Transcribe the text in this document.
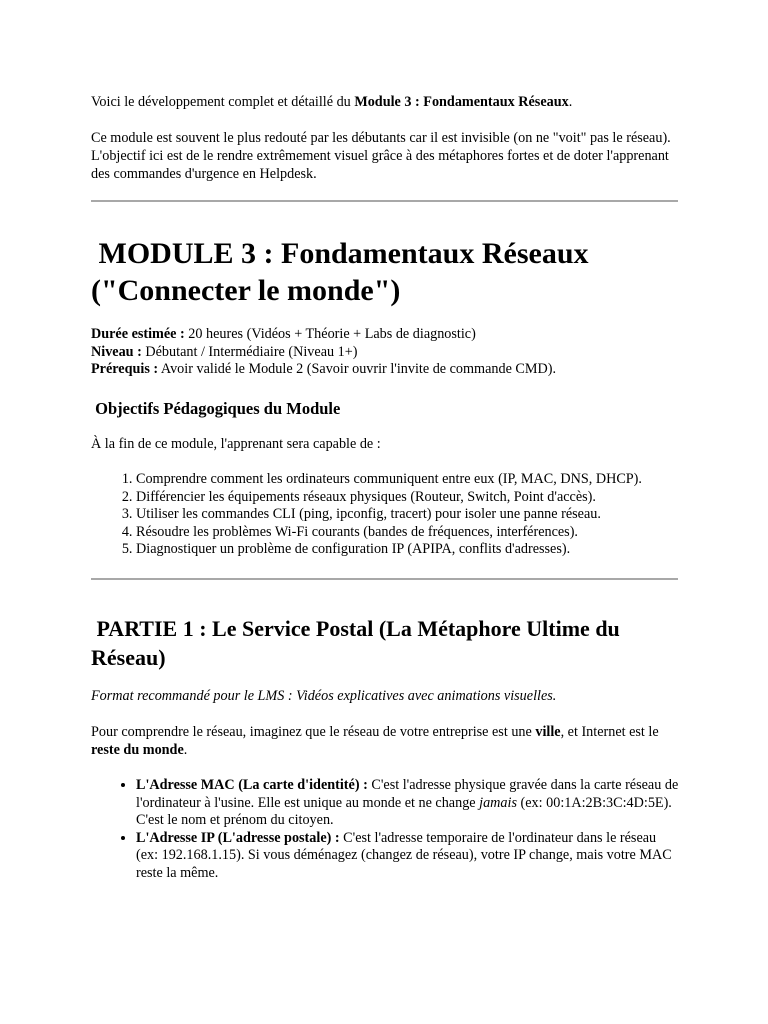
Voici le développement complet et détaillé du Module 3 : Fondamentaux Réseaux.

Ce module est souvent le plus redouté par les débutants car il est invisible (on ne "voit" pas le réseau). L'objectif ici est de le rendre extrêmement visuel grâce à des métaphores fortes et de doter l'apprenant des commandes d'urgence en Helpdesk.

MODULE 3 : Fondamentaux Réseaux ("Connecter le monde")

Durée estimée : 20 heures (Vidéos + Théorie + Labs de diagnostic)

Niveau : Débutant / Intermédiaire (Niveau 1+)

Prérequis : Avoir validé le Module 2 (Savoir ouvrir l'invite de commande CMD).

Objectifs Pédagogiques du Module

À la fin de ce module, l'apprenant sera capable de :

1. Comprendre comment les ordinateurs communiquent entre eux (IP, MAC, DNS, DHCP).
2. Différencier les équipements réseaux physiques (Routeur, Switch, Point d'accès).
3. Utiliser les commandes CLI (ping, ipconfig, tracert) pour isoler une panne réseau.
4. Résoudre les problèmes Wi-Fi courants (bandes de fréquences, interférences).
5. Diagnostiquer un problème de configuration IP (APIPA, conflits d'adresses).
PARTIE 1 : Le Service Postal (La Métaphore Ultime du Réseau)

Format recommandé pour le LMS : Vidéos explicatives avec animations visuelles.

Pour comprendre le réseau, imaginez que le réseau de votre entreprise est une ville, et Internet est le reste du monde.

• L'Adresse MAC (La carte d'identité) : C'est l'adresse physique gravée dans la carte réseau de l'ordinateur à l'usine. Elle est unique au monde et ne change jamais (ex: 00:1A:2B:3C:4D:5E). C'est le nom et prénom du citoyen.
• L'Adresse IP (L'adresse postale) : C'est l'adresse temporaire de l'ordinateur dans le réseau (ex: 192.168.1.15). Si vous déménagez (changez de réseau), votre IP change, mais votre MAC reste la même.
